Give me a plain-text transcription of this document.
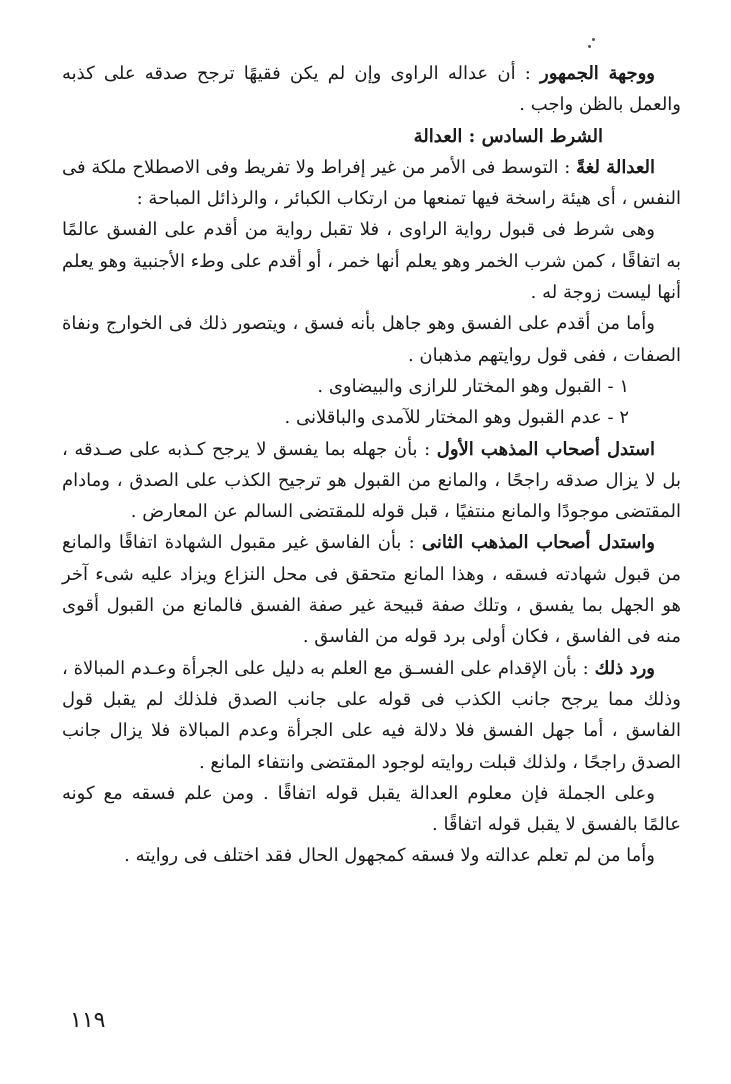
ووجهة الجمهور : أن عداله الراوى وإن لم يكن فقيهًا ترجح صدقه على كذبه والعمل بالظن واجب .

الشرط السادس : العدالة

العدالة لغةً : التوسط فى الأمر من غير إفراط ولا تفريط وفى الاصطلاح ملكة فى النفس ، أى هيئة راسخة فيها تمنعها من ارتكاب الكبائر ، والرذائل المباحة :

وهى شرط فى قبول رواية الراوى ، فلا تقبل رواية من أقدم على الفسق عالمًا به اتفاقًا ، كمن شرب الخمر وهو يعلم أنها خمر ، أو أقدم على وطء الأجنبية وهو يعلم أنها ليست زوجة له .

وأما من أقدم على الفسق وهو جاهل بأنه فسق ، ويتصور ذلك فى الخوارج ونفاة الصفات ، ففى قول روايتهم مذهبان .

١ - القبول وهو المختار للرازى والبيضاوى .

٢ - عدم القبول وهو المختار للآمدى والباقلانى .

استدل أصحاب المذهب الأول : بأن جهله بما يفسق لا يرجح كـذبه على صـدقه ، بل لا يزال صدقه راجحًا ، والمانع من القبول هو ترجيح الكذب على الصدق ، ومادام المقتضى موجودًا والمانع منتفيًا ، قبل قوله للمقتضى السالم عن المعارض .

واستدل أصحاب المذهب الثانى : بأن الفاسق غير مقبول الشهادة اتفاقًا والمانع من قبول شهادته فسقه ، وهذا المانع متحقق فى محل النزاع ويزاد عليه شىء آخر هو الجهل بما يفسق ، وتلك صفة قبيحة غير صفة الفسق فالمانع من القبول أقوى منه فى الفاسق ، فكان أولى برد قوله من الفاسق .

ورد ذلك : بأن الإقدام على الفسـق مع العلم به دليل على الجرأة وعـدم المبالاة ، وذلك مما يرجح جانب الكذب فى قوله على جانب الصدق فلذلك لم يقبل قول الفاسق ، أما جهل الفسق فلا دلالة فيه على الجرأة وعدم المبالاة فلا يزال جانب الصدق راجحًا ، ولذلك قبلت روايته لوجود المقتضى وانتفاء المانع .

وعلى الجملة فإن معلوم العدالة يقبل قوله اتفاقًا . ومن علم فسقه مع كونه عالمًا بالفسق لا يقبل قوله اتفاقًا .

وأما من لم تعلم عدالته ولا فسقه كمجهول الحال فقد اختلف فى روايته .

١١٩
